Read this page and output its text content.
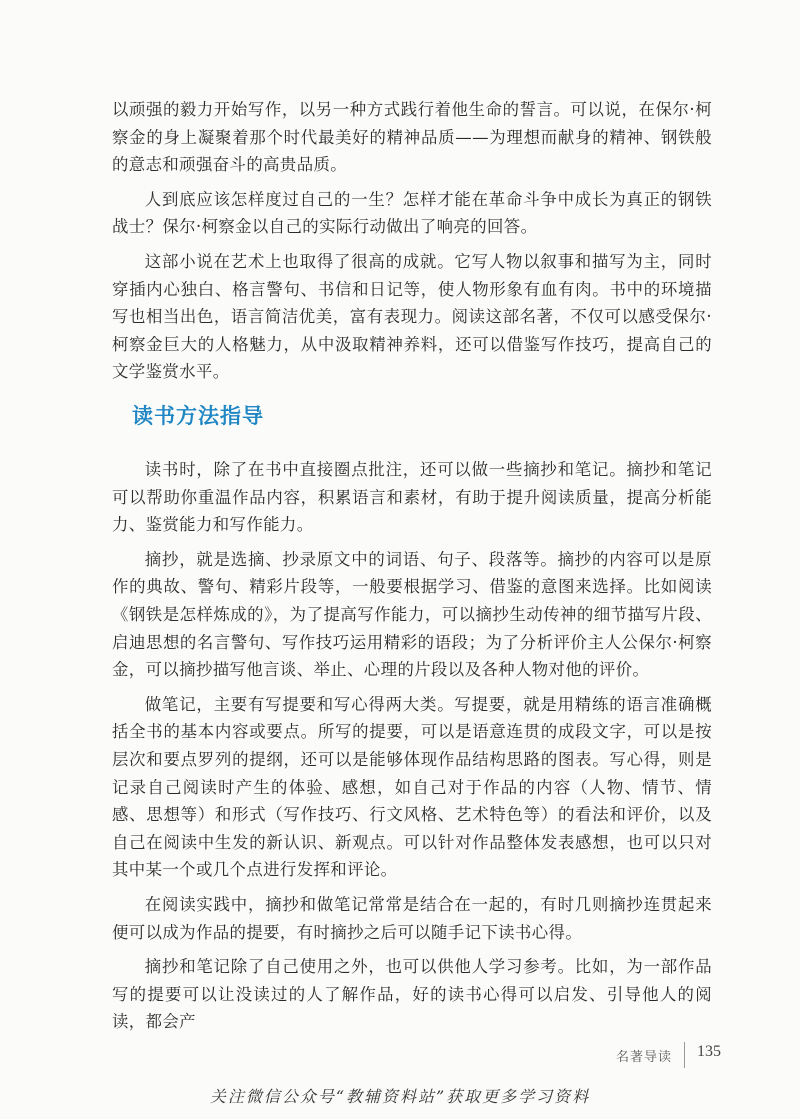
以顽强的毅力开始写作，以另一种方式践行着他生命的誓言。可以说，在保尔·柯察金的身上凝聚着那个时代最美好的精神品质——为理想而献身的精神、钢铁般的意志和顽强奋斗的高贵品质。

人到底应该怎样度过自己的一生？怎样才能在革命斗争中成长为真正的钢铁战士？保尔·柯察金以自己的实际行动做出了响亮的回答。

这部小说在艺术上也取得了很高的成就。它写人物以叙事和描写为主，同时穿插内心独白、格言警句、书信和日记等，使人物形象有血有肉。书中的环境描写也相当出色，语言简洁优美，富有表现力。阅读这部名著，不仅可以感受保尔·柯察金巨大的人格魅力，从中汲取精神养料，还可以借鉴写作技巧，提高自己的文学鉴赏水平。

读书方法指导

读书时，除了在书中直接圈点批注，还可以做一些摘抄和笔记。摘抄和笔记可以帮助你重温作品内容，积累语言和素材，有助于提升阅读质量，提高分析能力、鉴赏能力和写作能力。

摘抄，就是选摘、抄录原文中的词语、句子、段落等。摘抄的内容可以是原作的典故、警句、精彩片段等，一般要根据学习、借鉴的意图来选择。比如阅读《钢铁是怎样炼成的》，为了提高写作能力，可以摘抄生动传神的细节描写片段、启迪思想的名言警句、写作技巧运用精彩的语段；为了分析评价主人公保尔·柯察金，可以摘抄描写他言谈、举止、心理的片段以及各种人物对他的评价。

做笔记，主要有写提要和写心得两大类。写提要，就是用精练的语言准确概括全书的基本内容或要点。所写的提要，可以是语意连贯的成段文字，可以是按层次和要点罗列的提纲，还可以是能够体现作品结构思路的图表。写心得，则是记录自己阅读时产生的体验、感想，如自己对于作品的内容（人物、情节、情感、思想等）和形式（写作技巧、行文风格、艺术特色等）的看法和评价，以及自己在阅读中生发的新认识、新观点。可以针对作品整体发表感想，也可以只对其中某一个或几个点进行发挥和评论。

在阅读实践中，摘抄和做笔记常常是结合在一起的，有时几则摘抄连贯起来便可以成为作品的提要，有时摘抄之后可以随手记下读书心得。

摘抄和笔记除了自己使用之外，也可以供他人学习参考。比如，为一部作品写的提要可以让没读过的人了解作品，好的读书心得可以启发、引导他人的阅读，都会产

名著导读 135
关注微信公众号“教辅资料站”获取更多学习资料
